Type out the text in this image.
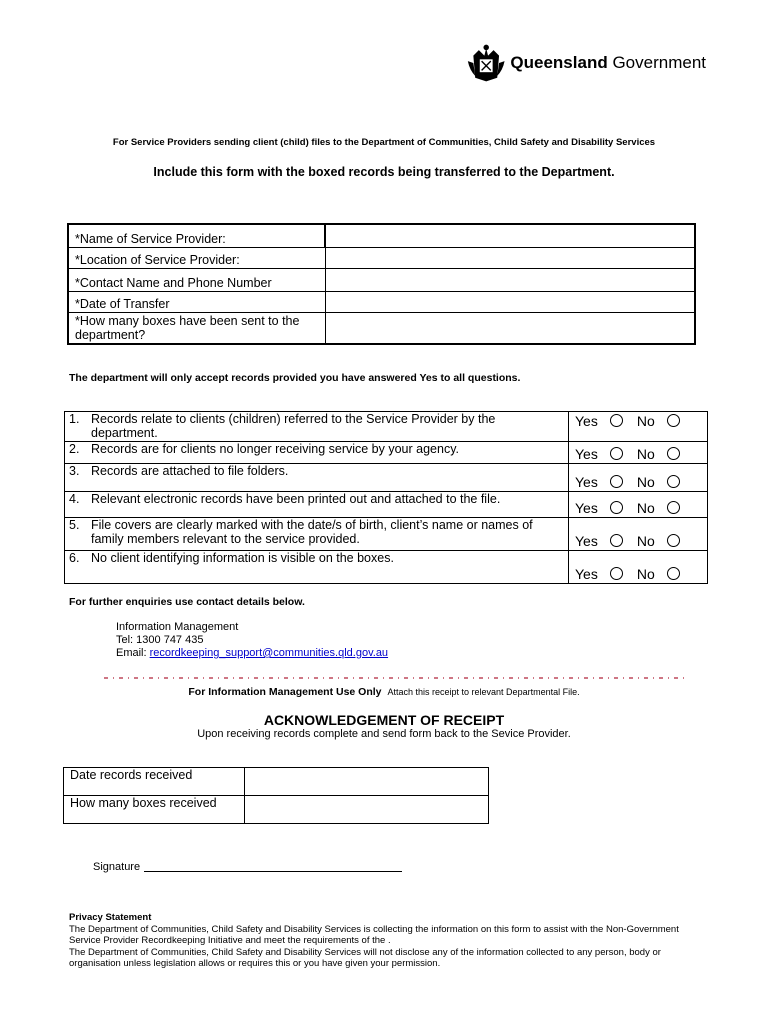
Queensland Government
For Service Providers sending client (child) files to the Department of Communities, Child Safety and Disability Services
Include this form with the boxed records being transferred to the Department.
*Name of Service Provider:	
*Location of Service Provider:	
*Contact Name and Phone Number	
*Date of Transfer	
*How many boxes have been sent to the department?	
The department will only accept records provided you have answered Yes to all questions.
1. Records relate to clients (children) referred to the Service Provider by the department.	Yes No
2. Records are for clients no longer receiving service by your agency.	Yes No
3. Records are attached to file folders.	Yes No
4. Relevant electronic records have been printed out and attached to the file.	Yes No
5. File covers are clearly marked with the date/s of birth, client’s name or names of family members relevant to the service provided.	Yes No
6. No client identifying information is visible on the boxes.	Yes No
For further enquiries use contact details below.
Information Management
Tel: 1300 747 435
Email: recordkeeping_support@communities.qld.gov.au
For Information Management Use Only Attach this receipt to relevant Departmental File.
ACKNOWLEDGEMENT OF RECEIPT
Upon receiving records complete and send form back to the Sevice Provider.
Date records received	
How many boxes received	
Signature
Privacy Statement
The Department of Communities, Child Safety and Disability Services is collecting the information on this form to assist with the Non-Government Service Provider Recordkeeping Initiative and meet the requirements of the .
The Department of Communities, Child Safety and Disability Services will not disclose any of the information collected to any person, body or organisation unless legislation allows or requires this or you have given your permission.
